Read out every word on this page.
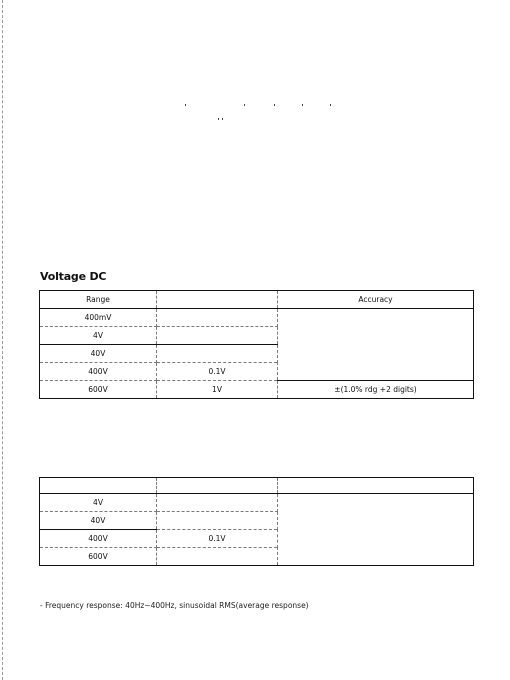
Voltage DC
Range		Accuracy
400mV		
4V		
40V		
400V	0.1V	
600V	1V	±(1.0% rdg +2 digits)

4V		
40V		
400V	0.1V	
600V		
- Frequency response: 40Hz~400Hz, sinusoidal RMS(average response)
